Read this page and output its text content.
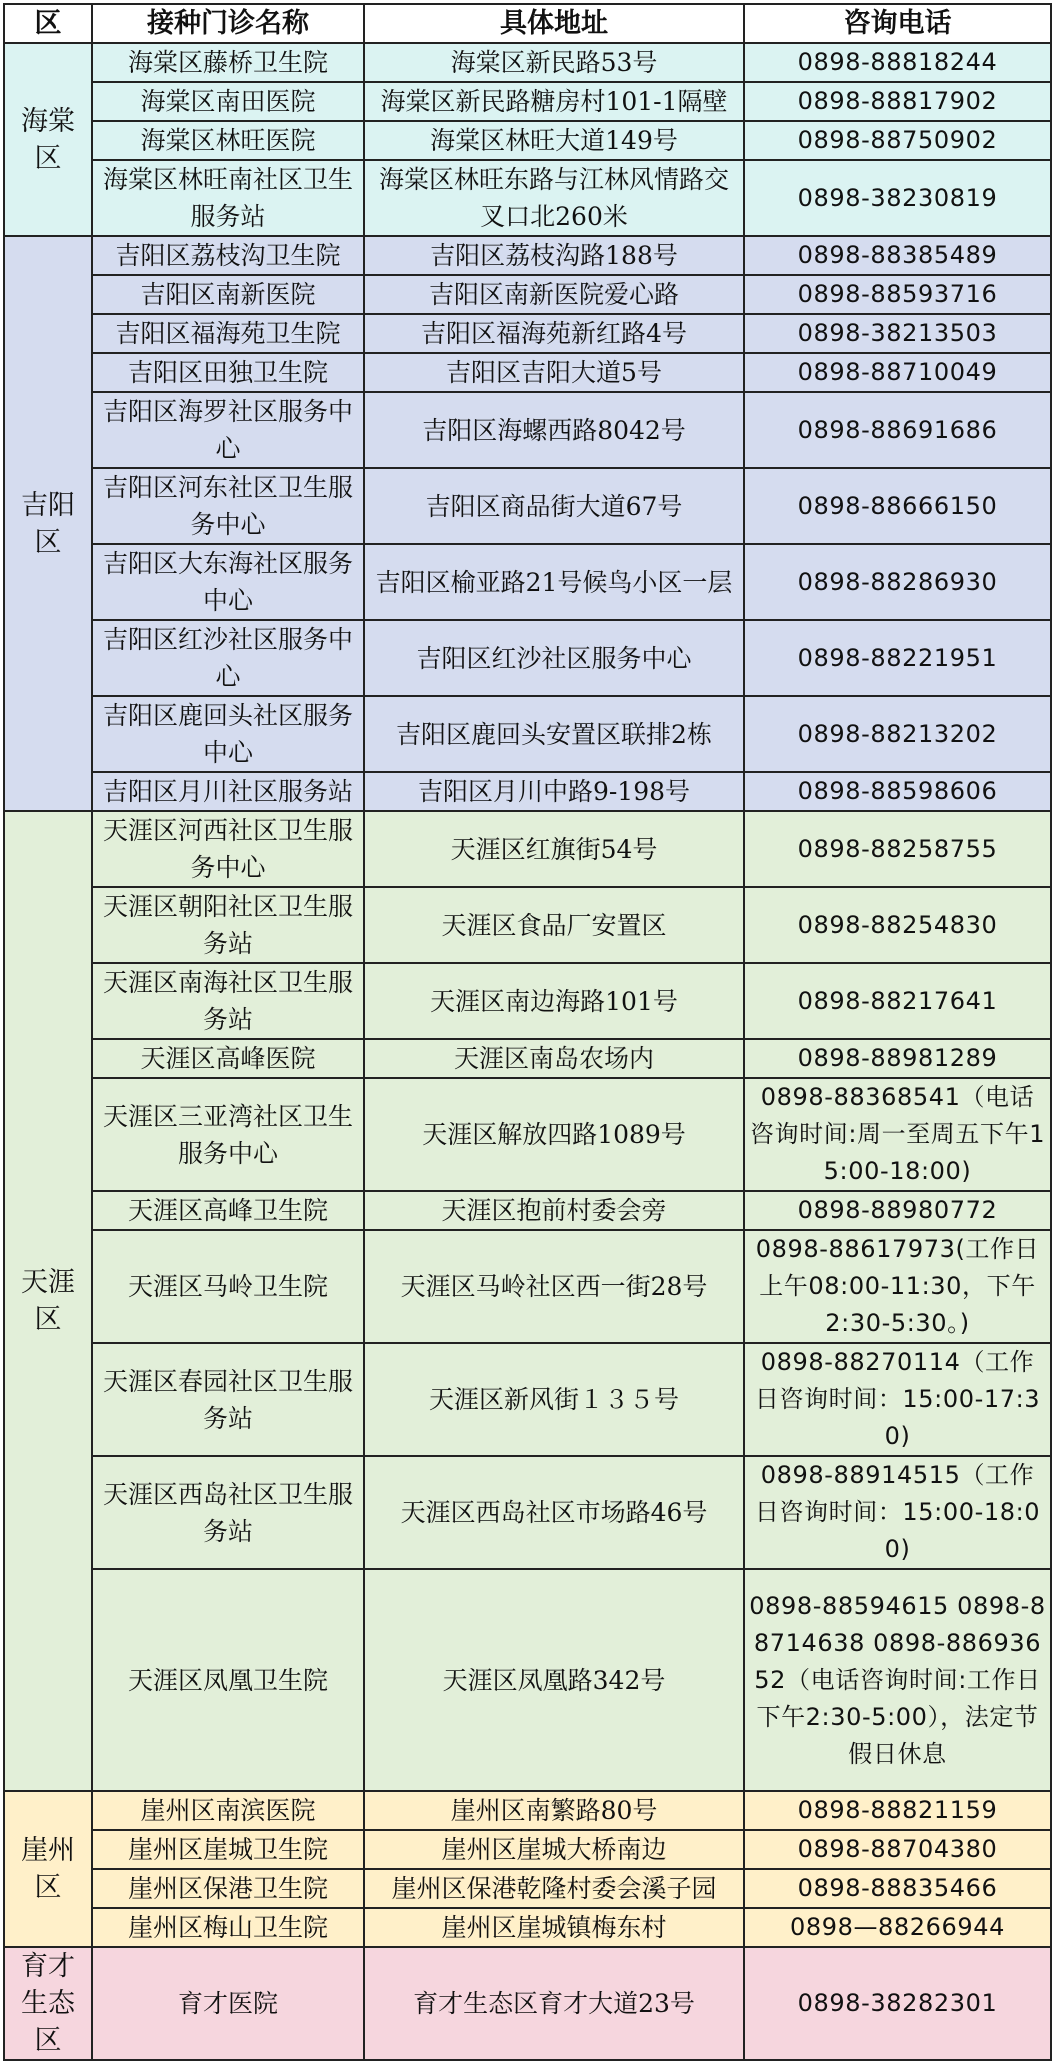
区	接种门诊名称	具体地址	咨询电话
海棠区	海棠区藤桥卫生院	海棠区新民路53号	0898-88818244
	海棠区南田医院	海棠区新民路糖房村101-1隔壁	0898-88817902
	海棠区林旺医院	海棠区林旺大道149号	0898-88750902
	海棠区林旺南社区卫生服务站	海棠区林旺东路与江林风情路交叉口北260米	0898-38230819
吉阳区	吉阳区荔枝沟卫生院	吉阳区荔枝沟路188号	0898-88385489
	吉阳区南新医院	吉阳区南新医院爱心路	0898-88593716
	吉阳区福海苑卫生院	吉阳区福海苑新红路4号	0898-38213503
	吉阳区田独卫生院	吉阳区吉阳大道5号	0898-88710049
	吉阳区海罗社区服务中心	吉阳区海螺西路8042号	0898-88691686
	吉阳区河东社区卫生服务中心	吉阳区商品街大道67号	0898-88666150
	吉阳区大东海社区服务中心	吉阳区榆亚路21号候鸟小区一层	0898-88286930
	吉阳区红沙社区服务中心	吉阳区红沙社区服务中心	0898-88221951
	吉阳区鹿回头社区服务中心	吉阳区鹿回头安置区联排2栋	0898-88213202
	吉阳区月川社区服务站	吉阳区月川中路9-198号	0898-88598606
天涯区	天涯区河西社区卫生服务中心	天涯区红旗街54号	0898-88258755
	天涯区朝阳社区卫生服务站	天涯区食品厂安置区	0898-88254830
	天涯区南海社区卫生服务站	天涯区南边海路101号	0898-88217641
	天涯区高峰医院	天涯区南岛农场内	0898-88981289
	天涯区三亚湾社区卫生服务中心	天涯区解放四路1089号	0898-88368541（电话咨询时间:周一至周五下午15:00-18:00)
	天涯区高峰卫生院	天涯区抱前村委会旁	0898-88980772
	天涯区马岭卫生院	天涯区马岭社区西一街28号	0898-88617973(工作日上午08:00-11:30，下午2:30-5:30。)
	天涯区春园社区卫生服务站	天涯区新风街１３５号	0898-88270114（工作日咨询时间：15:00-17:30)
	天涯区西岛社区卫生服务站	天涯区西岛社区市场路46号	0898-88914515（工作日咨询时间：15:00-18:00)
	天涯区凤凰卫生院	天涯区凤凰路342号	0898-88594615 0898-88714638 0898-88693652（电话咨询时间:工作日下午2:30-5:00），法定节假日休息
崖州区	崖州区南滨医院	崖州区南繁路80号	0898-88821159
	崖州区崖城卫生院	崖州区崖城大桥南边	0898-88704380
	崖州区保港卫生院	崖州区保港乾隆村委会溪子园	0898-88835466
	崖州区梅山卫生院	崖州区崖城镇梅东村	0898—88266944
育才生态区	育才医院	育才生态区育才大道23号	0898-38282301
